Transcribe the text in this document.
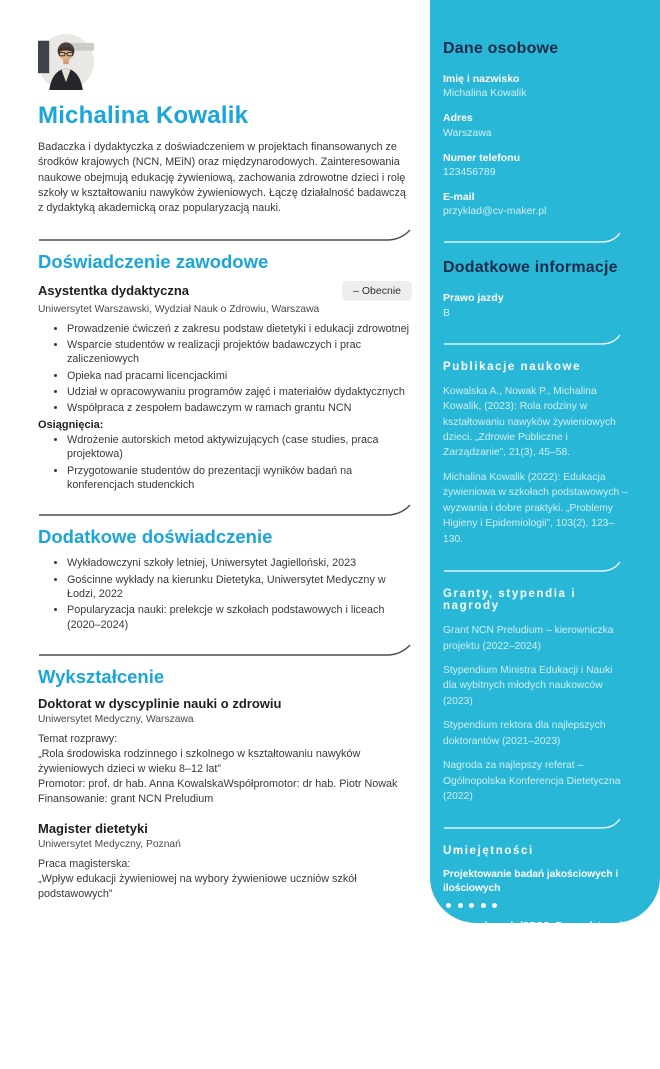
Michalina Kowalik

Badaczka i dydaktyczka z doświadczeniem w projektach finansowanych ze środków krajowych (NCN, MEiN) oraz międzynarodowych. Zainteresowania naukowe obejmują edukację żywieniową, zachowania zdrowotne dzieci i rolę szkoły w kształtowaniu nawyków żywieniowych. Łączę działalność badawczą z dydaktyką akademicką oraz popularyzacją nauki.

Doświadczenie zawodowe
Asystentka dydaktyczna	– Obecnie
Uniwersytet Warszawski, Wydział Nauk o Zdrowiu, Warszawa
• Prowadzenie ćwiczeń z zakresu podstaw dietetyki i edukacji zdrowotnej
• Wsparcie studentów w realizacji projektów badawczych i prac zaliczeniowych
• Opieka nad pracami licencjackimi
• Udział w opracowywaniu programów zajęć i materiałów dydaktycznych
• Współpraca z zespołem badawczym w ramach grantu NCN
Osiągnięcia:
• Wdrożenie autorskich metod aktywizujących (case studies, praca projektowa)
• Przygotowanie studentów do prezentacji wyników badań na konferencjach studenckich
Dodatkowe doświadczenie
• Wykładowczyni szkoły letniej, Uniwersytet Jagielloński, 2023
• Gościnne wykłady na kierunku Dietetyka, Uniwersytet Medyczny w Łodzi, 2022
• Popularyzacja nauki: prelekcje w szkołach podstawowych i liceach (2020–2024)
Wykształcenie
Doktorat w dyscyplinie nauki o zdrowiu
Uniwersytet Medyczny, Warszawa
Temat rozprawy:
„Rola środowiska rodzinnego i szkolnego w kształtowaniu nawyków żywieniowych dzieci w wieku 8–12 lat”
Promotor: prof. dr hab. Anna KowalskaWspółpromotor: dr hab. Piotr Nowak
Finansowanie: grant NCN Preludium
Magister dietetyki
Uniwersytet Medyczny, Poznań
Praca magisterska:
„Wpływ edukacji żywieniowej na wybory żywieniowe uczniów szkół podstawowych”
Dane osobowe
Imię i nazwisko
Michalina Kowalik
Adres
Warszawa
Numer telefonu
123456789
E-mail
przyklad@cv-maker.pl
Dodatkowe informacje
Prawo jazdy
B
Publikacje naukowe

Kowalska A., Nowak P., Michalina Kowalik, (2023): Rola rodziny w kształtowaniu nawyków żywieniowych dzieci. „Zdrowie Publiczne i Zarządzanie”, 21(3), 45–58.

Michalina Kowalik (2022): Edukacja żywieniowa w szkołach podstawowych – wyzwania i dobre praktyki. „Problemy Higieny i Epidemiologii”, 103(2), 123–130.

Granty, stypendia i nagrody

Grant NCN Preludium – kierowniczka projektu (2022–2024)

Stypendium Ministra Edukacji i Nauki dla wybitnych młodych naukowców (2023)

Stypendium rektora dla najlepszych doktorantów (2021–2023)

Nagroda za najlepszy referat – Ogólnopolska Konferencja Dietetyczna (2022)

Umiejętności
Projektowanie badań jakościowych i ilościowych
Analiza danych (SPSS, R – podstawy)
Pisanie artykułów naukowych
Recenzowanie prac studenckich
Dydaktyka akademicka
Wystąpienia publiczne
